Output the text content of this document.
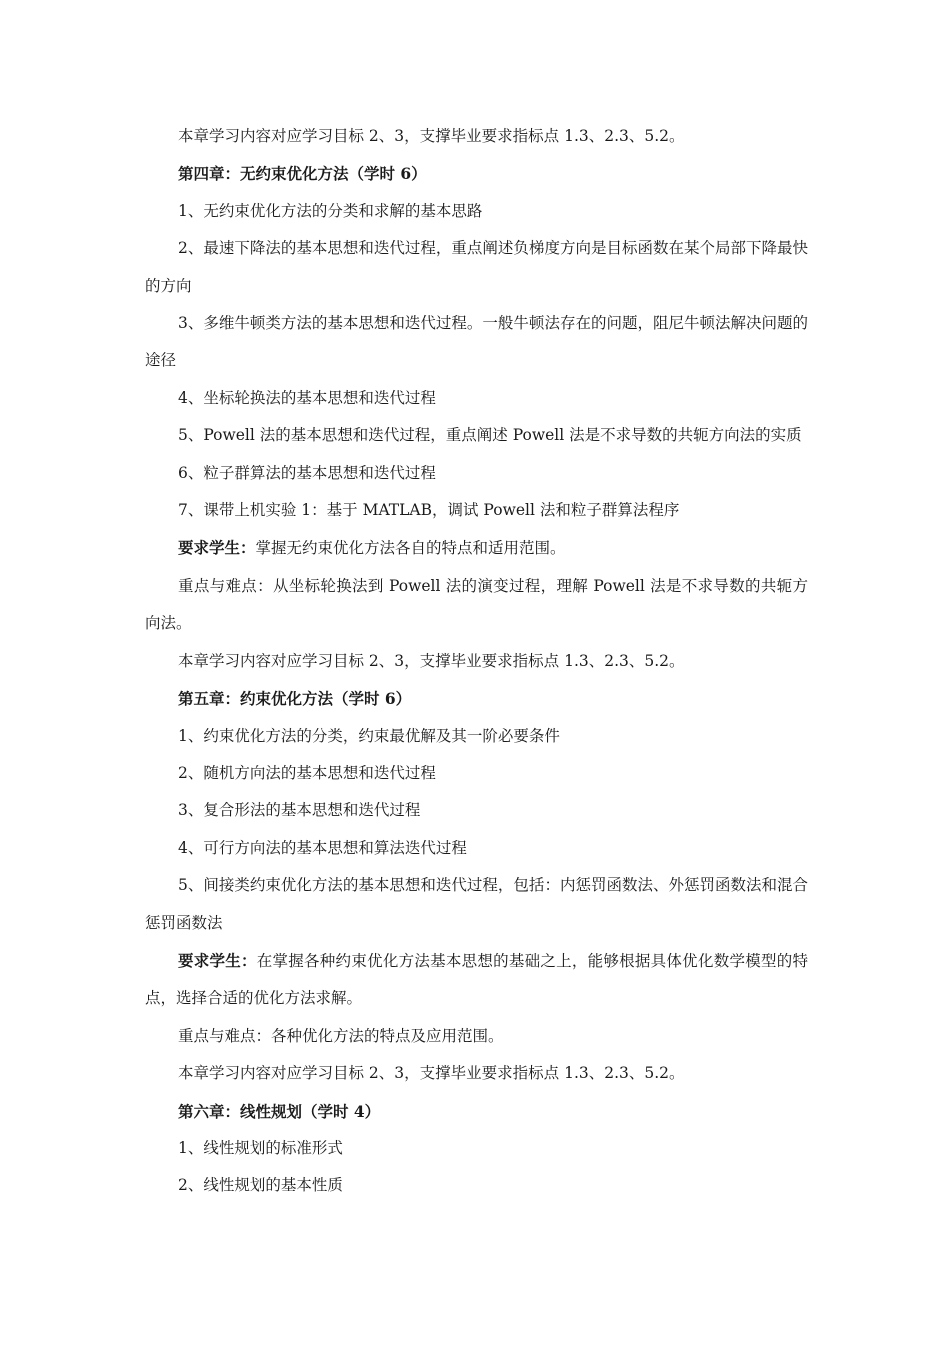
本章学习内容对应学习目标 2、3，支撑毕业要求指标点 1.3、2.3、5.2。

第四章：无约束优化方法（学时 6）

1、无约束优化方法的分类和求解的基本思路

2、最速下降法的基本思想和迭代过程，重点阐述负梯度方向是目标函数在某个局部下降最快的方向

3、多维牛顿类方法的基本思想和迭代过程。一般牛顿法存在的问题，阻尼牛顿法解决问题的途径

4、坐标轮换法的基本思想和迭代过程

5、Powell 法的基本思想和迭代过程，重点阐述 Powell 法是不求导数的共轭方向法的实质

6、粒子群算法的基本思想和迭代过程

7、课带上机实验 1：基于 MATLAB，调试 Powell 法和粒子群算法程序

要求学生：掌握无约束优化方法各自的特点和适用范围。

重点与难点：从坐标轮换法到 Powell 法的演变过程，理解 Powell 法是不求导数的共轭方向法。

本章学习内容对应学习目标 2、3，支撑毕业要求指标点 1.3、2.3、5.2。

第五章：约束优化方法（学时 6）

1、约束优化方法的分类，约束最优解及其一阶必要条件

2、随机方向法的基本思想和迭代过程

3、复合形法的基本思想和迭代过程

4、可行方向法的基本思想和算法迭代过程

5、间接类约束优化方法的基本思想和迭代过程，包括：内惩罚函数法、外惩罚函数法和混合惩罚函数法

要求学生：在掌握各种约束优化方法基本思想的基础之上，能够根据具体优化数学模型的特点，选择合适的优化方法求解。

重点与难点：各种优化方法的特点及应用范围。

本章学习内容对应学习目标 2、3，支撑毕业要求指标点 1.3、2.3、5.2。

第六章：线性规划（学时 4）

1、线性规划的标准形式

2、线性规划的基本性质
